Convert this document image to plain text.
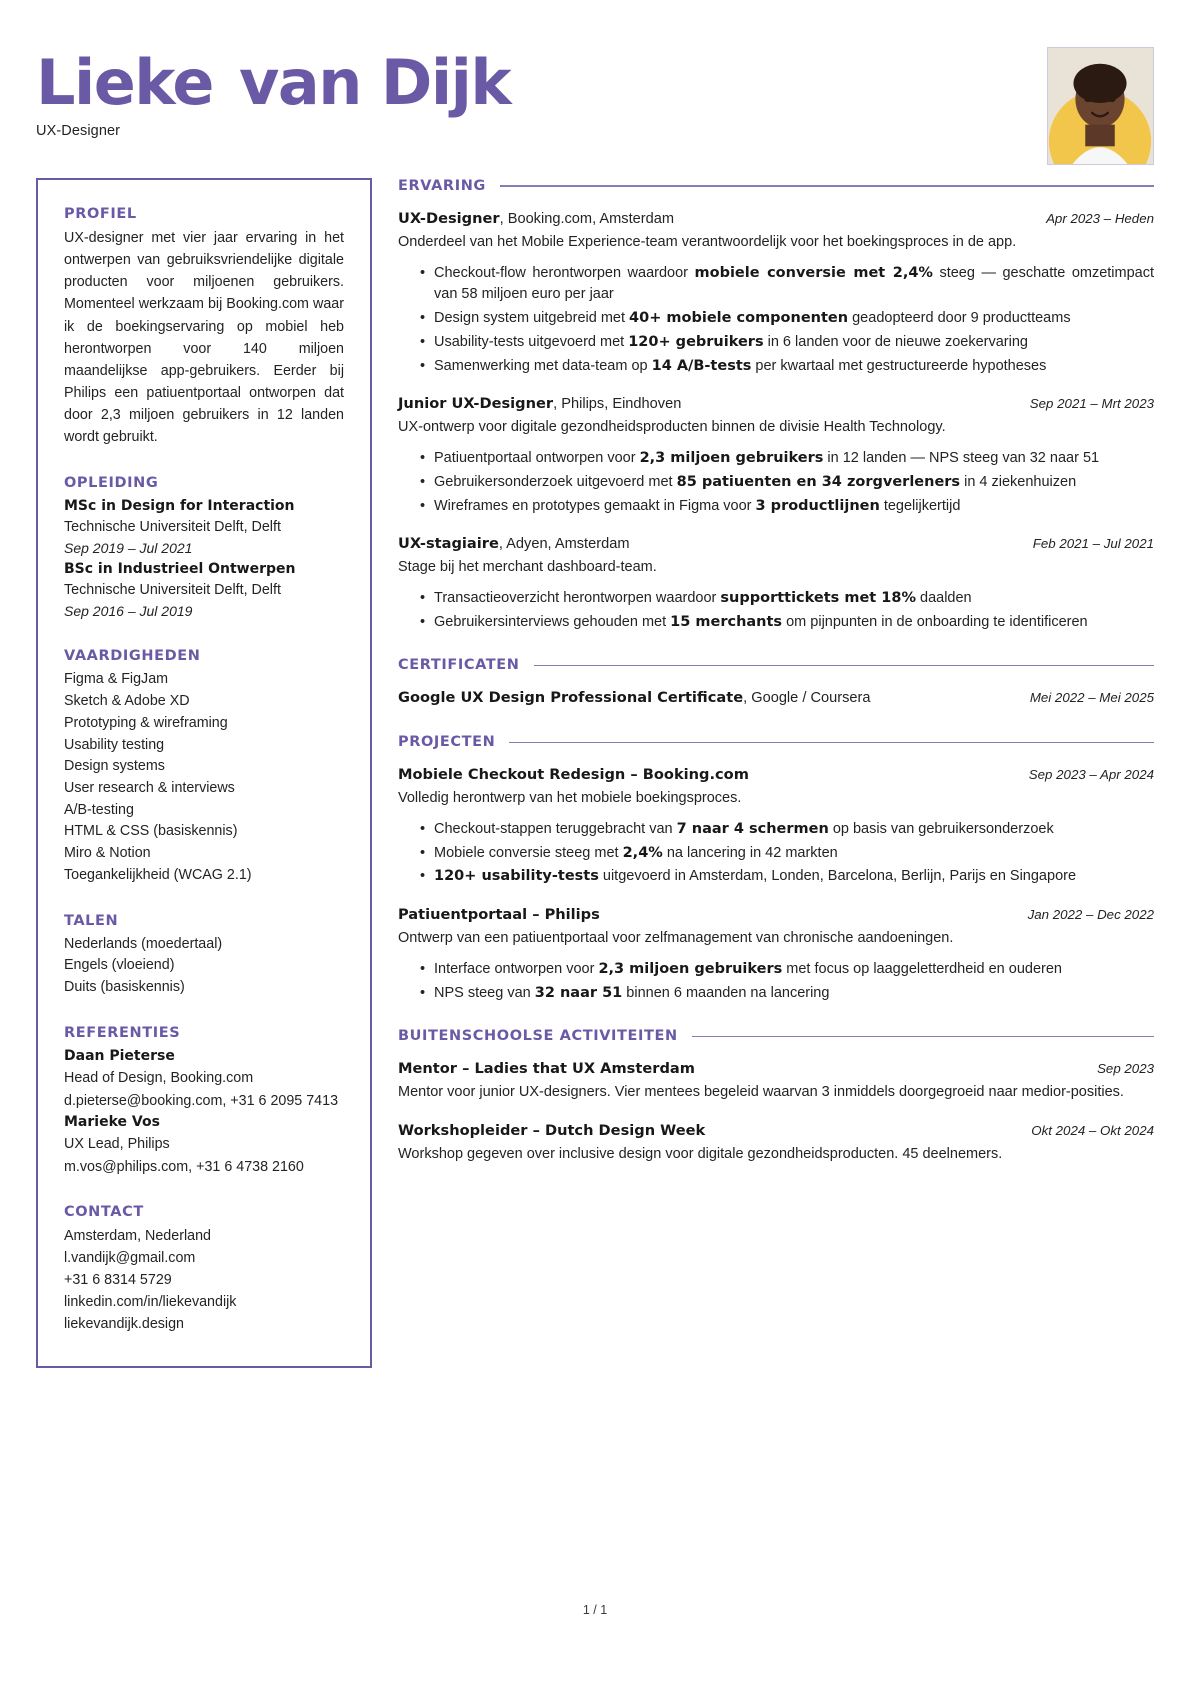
Lieke van Dijk
UX-Designer
PROFIEL
UX-designer met vier jaar ervaring in het ontwerpen van gebruiksvriendelijke digitale producten voor miljoenen gebruikers. Momenteel werkzaam bij Booking.com waar ik de boekingservaring op mobiel heb herontworpen voor 140 miljoen maandelijkse app-gebruikers. Eerder bij Philips een patiuentportaal ontworpen dat door 2,3 miljoen gebruikers in 12 landen wordt gebruikt.
OPLEIDING
MSc in Design for Interaction
Technische Universiteit Delft, Delft
Sep 2019 – Jul 2021
BSc in Industrieel Ontwerpen
Technische Universiteit Delft, Delft
Sep 2016 – Jul 2019
VAARDIGHEDEN
Figma & FigJam
Sketch & Adobe XD
Prototyping & wireframing
Usability testing
Design systems
User research & interviews
A/B-testing
HTML & CSS (basiskennis)
Miro & Notion
Toegankelijkheid (WCAG 2.1)
TALEN
Nederlands (moedertaal)
Engels (vloeiend)
Duits (basiskennis)
REFERENTIES
Daan Pieterse
Head of Design, Booking.com
d.pieterse@booking.com, +31 6 2095 7413
Marieke Vos
UX Lead, Philips
m.vos@philips.com, +31 6 4738 2160
CONTACT
Amsterdam, Nederland
l.vandijk@gmail.com
+31 6 8314 5729
linkedin.com/in/liekevandijk
liekevandijk.design
ERVARING
UX-Designer, Booking.com, Amsterdam	Apr 2023 – Heden
Onderdeel van het Mobile Experience-team verantwoordelijk voor het boekingsproces in de app.
• Checkout-flow herontworpen waardoor mobiele conversie met 2,4% steeg — geschatte omzetimpact van 58 miljoen euro per jaar
• Design system uitgebreid met 40+ mobiele componenten geadopteerd door 9 productteams
• Usability-tests uitgevoerd met 120+ gebruikers in 6 landen voor de nieuwe zoekervaring
• Samenwerking met data-team op 14 A/B-tests per kwartaal met gestructureerde hypotheses
Junior UX-Designer, Philips, Eindhoven	Sep 2021 – Mrt 2023
UX-ontwerp voor digitale gezondheidsproducten binnen de divisie Health Technology.
• Patiuentportaal ontworpen voor 2,3 miljoen gebruikers in 12 landen — NPS steeg van 32 naar 51
• Gebruikersonderzoek uitgevoerd met 85 patiuenten en 34 zorgverleners in 4 ziekenhuizen
• Wireframes en prototypes gemaakt in Figma voor 3 productlijnen tegelijkertijd
UX-stagiaire, Adyen, Amsterdam	Feb 2021 – Jul 2021
Stage bij het merchant dashboard-team.
• Transactieoverzicht herontworpen waardoor supporttickets met 18% daalden
• Gebruikersinterviews gehouden met 15 merchants om pijnpunten in de onboarding te identificeren
CERTIFICATEN
Google UX Design Professional Certificate, Google / Coursera	Mei 2022 – Mei 2025
PROJECTEN
Mobiele Checkout Redesign – Booking.com	Sep 2023 – Apr 2024
Volledig herontwerp van het mobiele boekingsproces.
• Checkout-stappen teruggebracht van 7 naar 4 schermen op basis van gebruikersonderzoek
• Mobiele conversie steeg met 2,4% na lancering in 42 markten
• 120+ usability-tests uitgevoerd in Amsterdam, Londen, Barcelona, Berlijn, Parijs en Singapore
Patiuentportaal – Philips	Jan 2022 – Dec 2022
Ontwerp van een patiuentportaal voor zelfmanagement van chronische aandoeningen.
• Interface ontworpen voor 2,3 miljoen gebruikers met focus op laaggeletterdheid en ouderen
• NPS steeg van 32 naar 51 binnen 6 maanden na lancering
BUITENSCHOOLSE ACTIVITEITEN
Mentor – Ladies that UX Amsterdam	Sep 2023
Mentor voor junior UX-designers. Vier mentees begeleid waarvan 3 inmiddels doorgegroeid naar medior-posities.
Workshopleider – Dutch Design Week	Okt 2024 – Okt 2024
Workshop gegeven over inclusive design voor digitale gezondheidsproducten. 45 deelnemers.
1 / 1
